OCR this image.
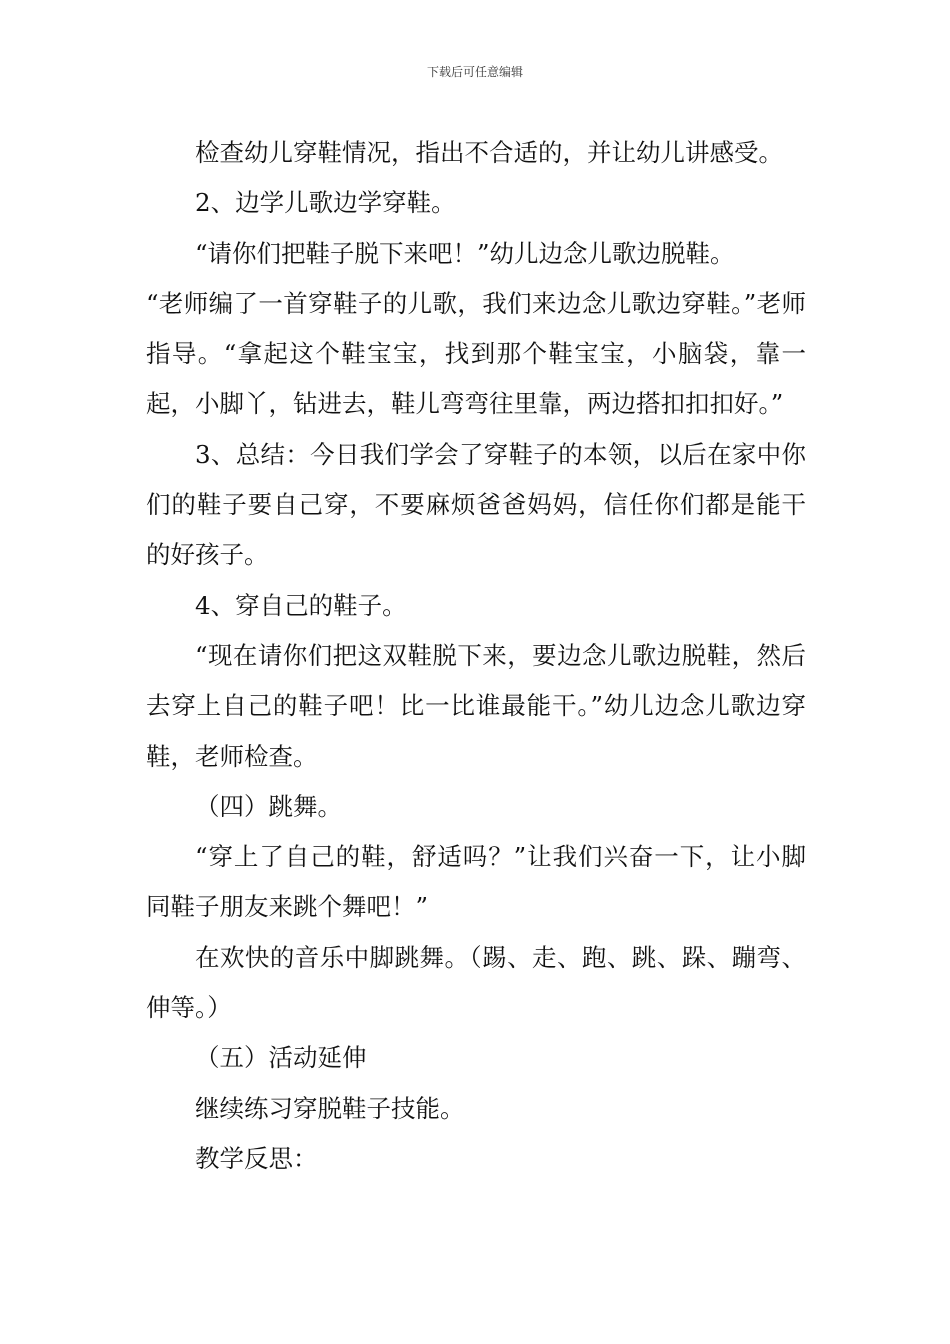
下载后可任意编辑

检查幼儿穿鞋情况，指出不合适的，并让幼儿讲感受。

2、边学儿歌边学穿鞋。

“请你们把鞋子脱下来吧！”幼儿边念儿歌边脱鞋。

“老师编了一首穿鞋子的儿歌，我们来边念儿歌边穿鞋。”老师指导。“拿起这个鞋宝宝，找到那个鞋宝宝，小脑袋，靠一起，小脚丫，钻进去，鞋儿弯弯往里靠，两边搭扣扣扣好。”

3、总结：今日我们学会了穿鞋子的本领，以后在家中你们的鞋子要自己穿，不要麻烦爸爸妈妈，信任你们都是能干的好孩子。

4、穿自己的鞋子。

“现在请你们把这双鞋脱下来，要边念儿歌边脱鞋，然后去穿上自己的鞋子吧！比一比谁最能干。”幼儿边念儿歌边穿鞋，老师检查。

（四）跳舞。

“穿上了自己的鞋，舒适吗？”让我们兴奋一下，让小脚同鞋子朋友来跳个舞吧！”

在欢快的音乐中脚跳舞。（踢、走、跑、跳、跺、蹦弯、伸等。）

（五）活动延伸

继续练习穿脱鞋子技能。

教学反思：
